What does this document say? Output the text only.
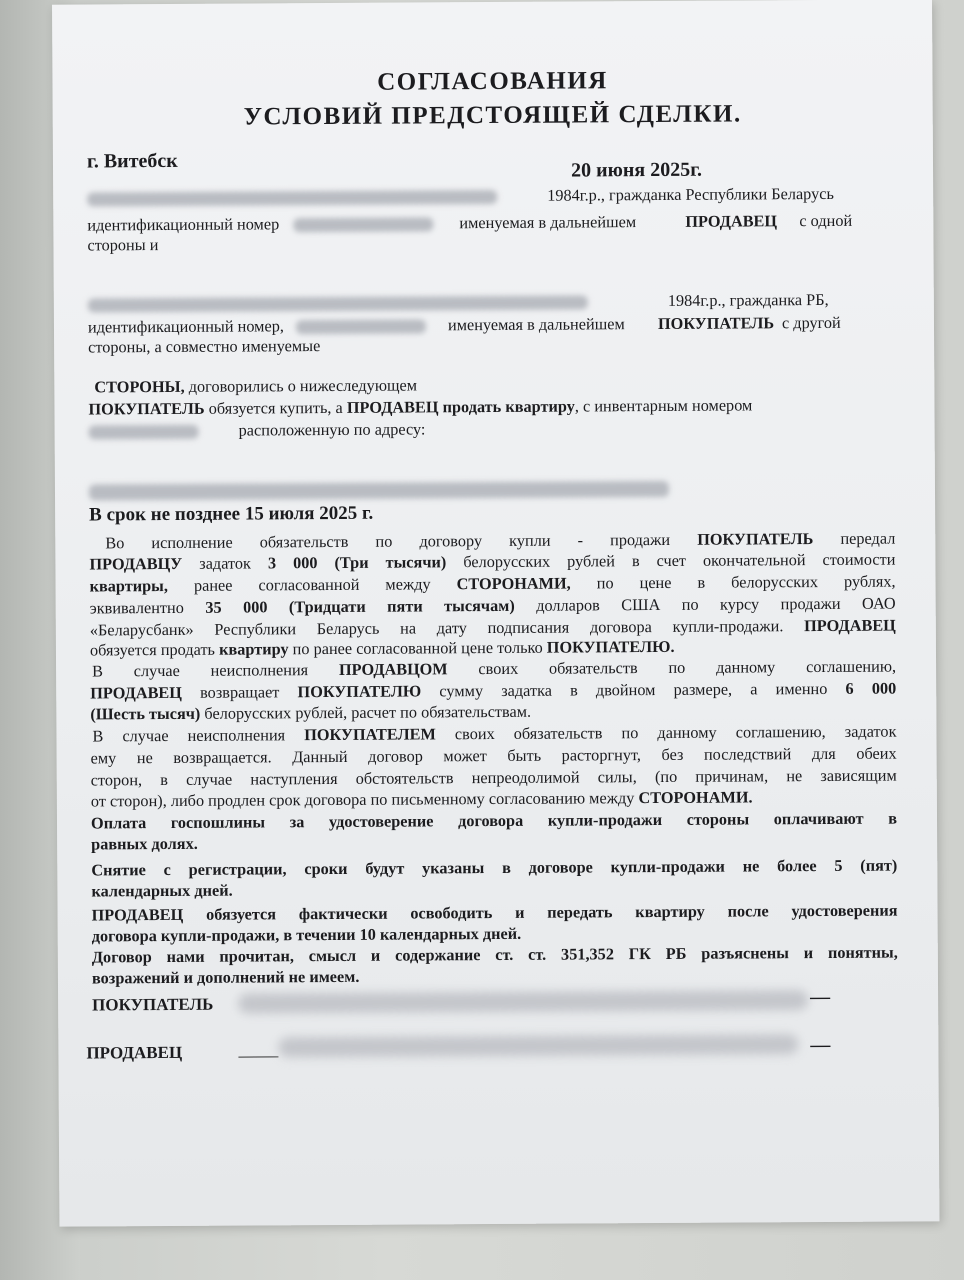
СОГЛАСОВАНИЯ
УСЛОВИЙ ПРЕДСТОЯЩЕЙ СДЕЛКИ.
г. Витебск	20 июня 2025г.
1984г.р., гражданка Республики Беларусь
идентификационный номер	именуемая в дальнейшем	ПРОДАВЕЦ с одной
стороны и
1984г.р., гражданка РБ,
идентификационный номер,	именуемая в дальнейшем ПОКУПАТЕЛЬ с другой
стороны, а совместно именуемые
СТОРОНЫ, договорились о нижеследующем
ПОКУПАТЕЛЬ обязуется купить, а ПРОДАВЕЦ продать квартиру, с инвентарным номером
расположенную по адресу:
В срок не позднее 15 июля 2025 г.
Во исполнение обязательств по договору купли - продажи ПОКУПАТЕЛЬ передал
ПРОДАВЦУ задаток 3 000 (Три тысячи) белорусских рублей в счет окончательной стоимости
квартиры, ранее согласованной между СТОРОНАМИ, по цене в белорусских рублях,
эквивалентно 35 000 (Тридцати пяти тысячам) долларов США по курсу продажи ОАО
«Беларусбанк» Республики Беларусь на дату подписания договора купли-продажи. ПРОДАВЕЦ
обязуется продать квартиру по ранее согласованной цене только ПОКУПАТЕЛЮ.
В случае неисполнения ПРОДАВЦОМ своих обязательств по данному соглашению,
ПРОДАВЕЦ возвращает ПОКУПАТЕЛЮ сумму задатка в двойном размере, а именно 6 000
(Шесть тысяч) белорусских рублей, расчет по обязательствам.
В случае неисполнения ПОКУПАТЕЛЕМ своих обязательств по данному соглашению, задаток
ему не возвращается. Данный договор может быть расторгнут, без последствий для обеих
сторон, в случае наступления обстоятельств непреодолимой силы, (по причинам, не зависящим
от сторон), либо продлен срок договора по письменному согласованию между СТОРОНАМИ.
Оплата госпошлины за удостоверение договора купли-продажи стороны оплачивают в
равных долях.
Снятие с регистрации, сроки будут указаны в договоре купли-продажи не более 5 (пят)
календарных дней.
ПРОДАВЕЦ обязуется фактически освободить и передать квартиру после удостоверения
договора купли-продажи, в течении 10 календарных дней.
Договор нами прочитан, смысл и содержание ст. ст. 351,352 ГК РБ разъяснены и понятны,
возражений и дополнений не имеем.
ПОКУПАТЕЛЬ	—
ПРОДАВЕЦ	—
